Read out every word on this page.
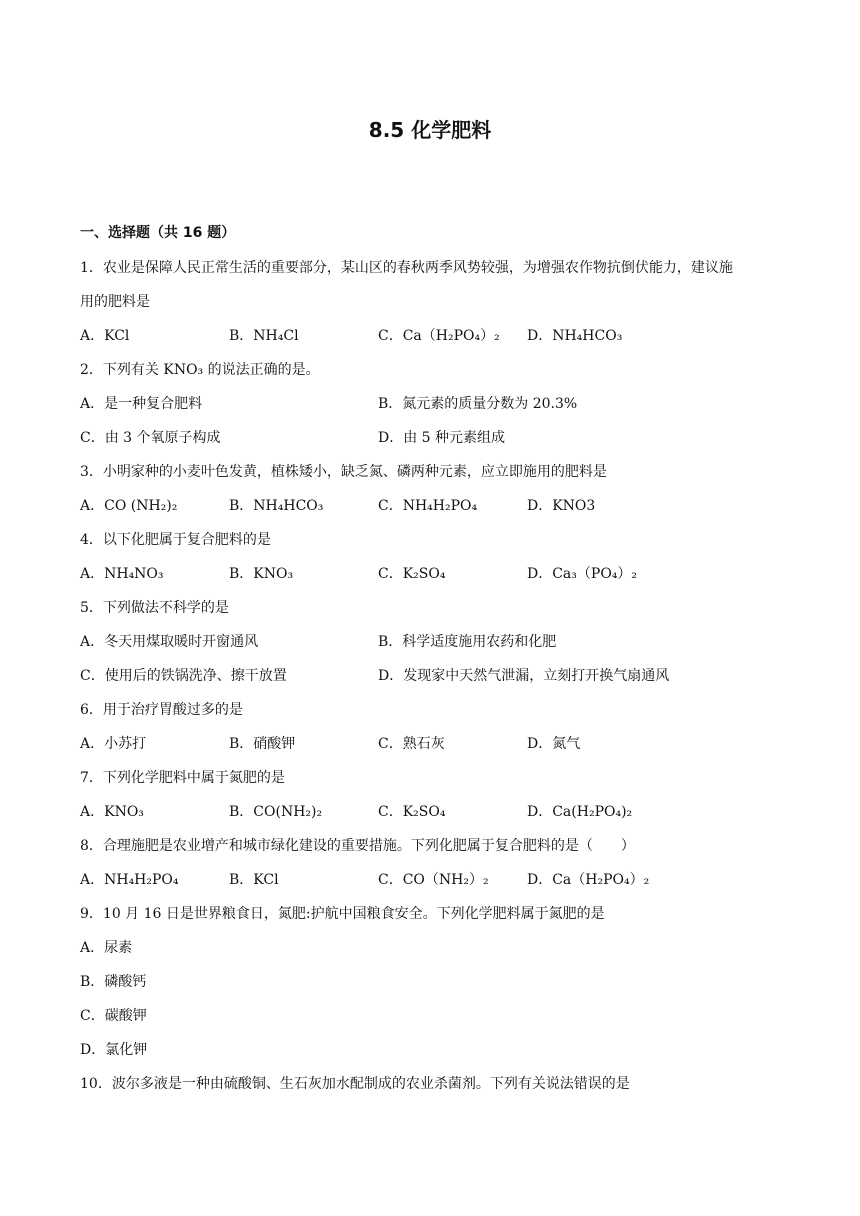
8.5 化学肥料
一、选择题（共 16 题）
1．农业是保障人民正常生活的重要部分，某山区的春秋两季风势较强，为增强农作物抗倒伏能力，建议施
用的肥料是
A．KCl	B．NH₄Cl	C．Ca（H₂PO₄）₂ D．NH₄HCO₃
2．下列有关 KNO₃ 的说法正确的是。
A．是一种复合肥料	B．氮元素的质量分数为 20.3%
C．由 3 个氧原子构成	D．由 5 种元素组成
3．小明家种的小麦叶色发黄，植株矮小，缺乏氮、磷两种元素，应立即施用的肥料是
A．CO (NH₂)₂	B．NH₄HCO₃	C．NH₄H₂PO₄	D．KNO3
4．以下化肥属于复合肥料的是
A．NH₄NO₃	B．KNO₃	C．K₂SO₄	D．Ca₃（PO₄）₂
5．下列做法不科学的是
A．冬天用煤取暖时开窗通风	B．科学适度施用农药和化肥
C．使用后的铁锅洗净、擦干放置	D．发现家中天然气泄漏，立刻打开换气扇通风
6．用于治疗胃酸过多的是
A．小苏打	B．硝酸钾	C．熟石灰	D．氮气
7．下列化学肥料中属于氮肥的是
A．KNO₃	B．CO(NH₂)₂	C．K₂SO₄	D．Ca(H₂PO₄)₂
8．合理施肥是农业增产和城市绿化建设的重要措施。下列化肥属于复合肥料的是（　　）
A．NH₄H₂PO₄	B．KCl	C．CO（NH₂）₂	D．Ca（H₂PO₄）₂
9．10 月 16 日是世界粮食日，氮肥:护航中国粮食安全。下列化学肥料属于氮肥的是
A．尿素
B．磷酸钙
C．碳酸钾
D．氯化钾
10．波尔多液是一种由硫酸铜、生石灰加水配制成的农业杀菌剂。下列有关说法错误的是
